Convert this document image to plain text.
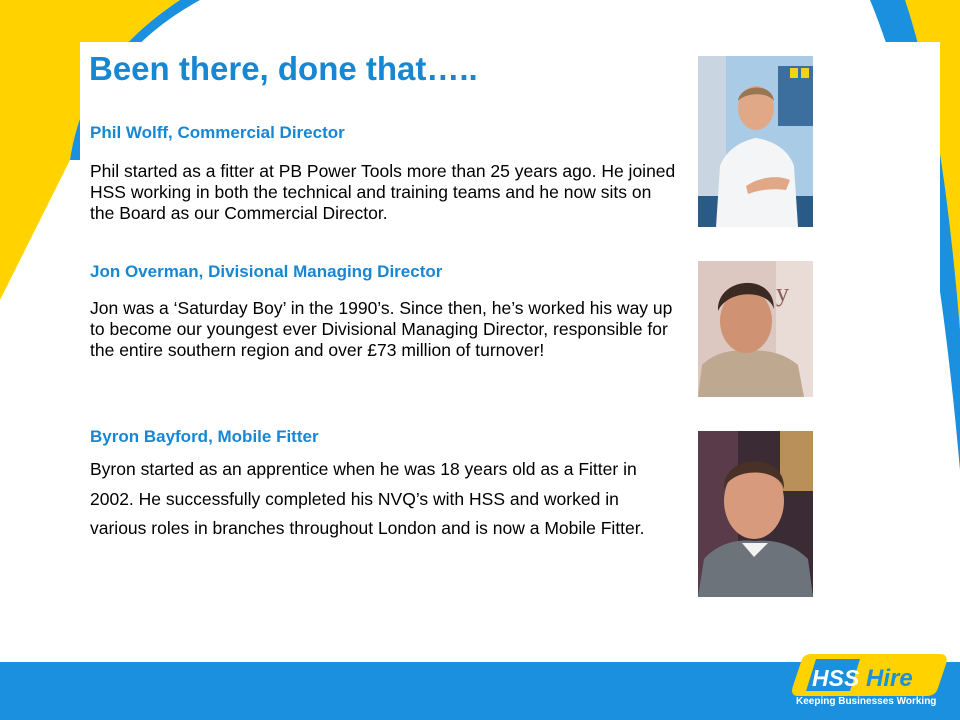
Been there, done that…..
Phil Wolff, Commercial Director

Phil started as a fitter at PB Power Tools more than 25 years ago. He joined HSS working in both the technical and training teams and he now sits on the Board as our Commercial Director.

Jon Overman, Divisional Managing Director

Jon was a ‘Saturday Boy’ in the 1990’s. Since then, he’s worked his way up to become our youngest ever Divisional Managing Director, responsible for the entire southern region and over £73 million of turnover!

Byron Bayford, Mobile Fitter

Byron started as an apprentice when he was 18 years old as a Fitter in 2002. He successfully completed his NVQ’s with HSS and worked in various roles in branches throughout London and is now a Mobile Fitter.

y
HSS Hire
Keeping Businesses Working
